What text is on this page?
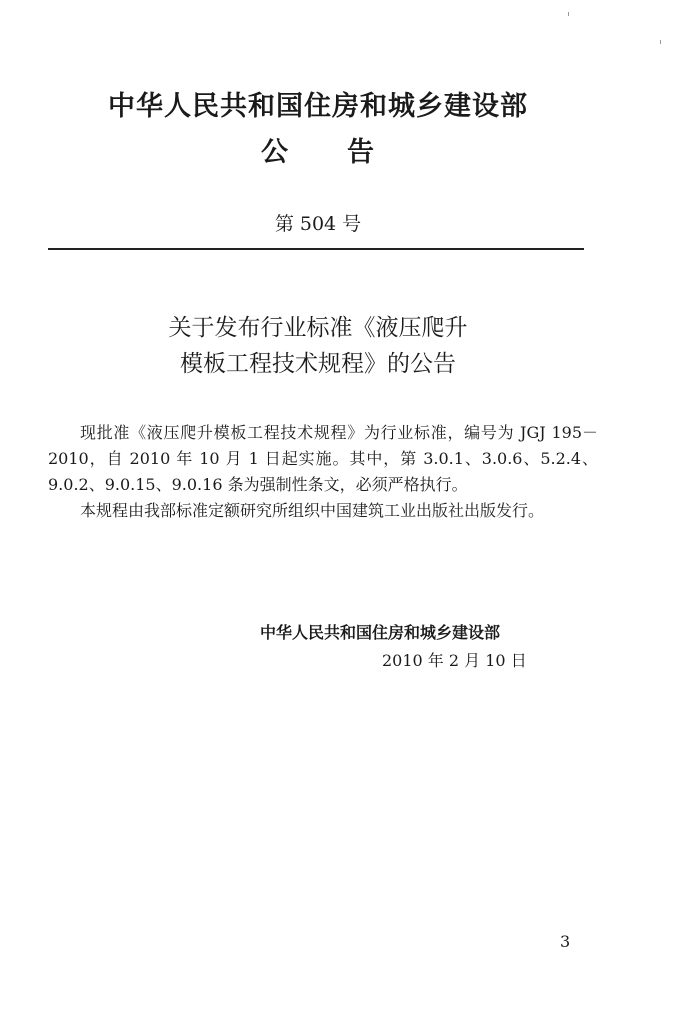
中华人民共和国住房和城乡建设部
公 告
第 504 号
关于发布行业标准《液压爬升
模板工程技术规程》的公告

现批准《液压爬升模板工程技术规程》为行业标准，编号为 JGJ 195－2010，自 2010 年 10 月 1 日起实施。其中，第 3.0.1、3.0.6、5.2.4、9.0.2、9.0.15、9.0.16 条为强制性条文，必须严格执行。

本规程由我部标准定额研究所组织中国建筑工业出版社出版发行。

中华人民共和国住房和城乡建设部
2010 年 2 月 10 日
3
